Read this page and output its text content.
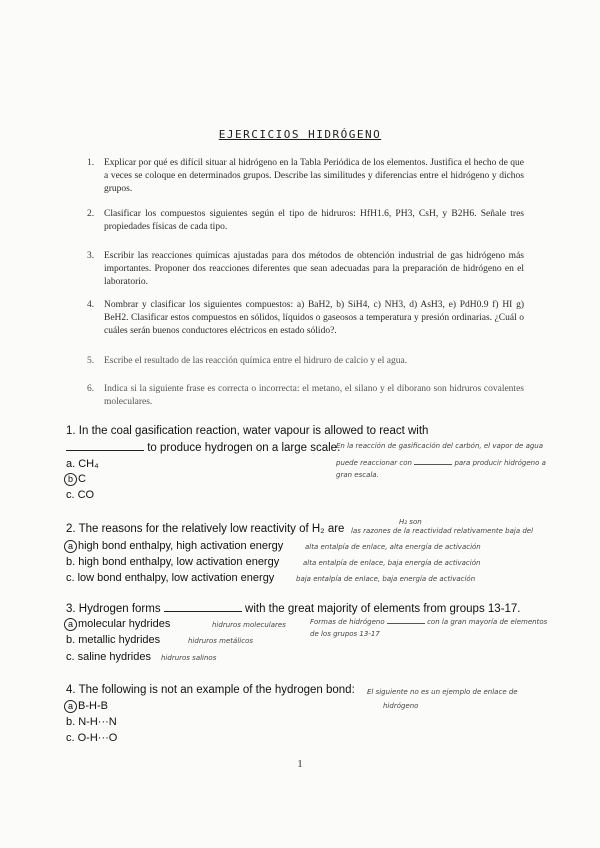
EJERCICIOS HIDRÓGENO
1. Explicar por qué es difícil situar al hidrógeno en la Tabla Periódica de los elementos. Justifica el hecho de que a veces se coloque en determinados grupos. Describe las similitudes y diferencias entre el hidrógeno y dichos grupos.
2. Clasificar los compuestos siguientes según el tipo de hidruros: HfH1.6, PH3, CsH, y B2H6. Señale tres propiedades físicas de cada tipo.
3. Escribir las reacciones químicas ajustadas para dos métodos de obtención industrial de gas hidrógeno más importantes. Proponer dos reacciones diferentes que sean adecuadas para la preparación de hidrógeno en el laboratorio.
4. Nombrar y clasificar los siguientes compuestos: a) BaH2, b) SiH4, c) NH3, d) AsH3, e) PdH0.9 f) HI g) BeH2. Clasificar estos compuestos en sólidos, líquidos o gaseosos a temperatura y presión ordinarias. ¿Cuál o cuáles serán buenos conductores eléctricos en estado sólido?.
5. Escribe el resultado de las reacción química entre el hidruro de calcio y el agua.
6. Indica si la siguiente frase es correcta o incorrecta: el metano, el silano y el diborano son hidruros covalentes moleculares.
1. In the coal gasification reaction, water vapour is allowed to react with
to produce hydrogen on a large scale.
En la reacción de gasificación del carbón, el vapor de agua
puede reaccionar con	para producir hidrógeno a
gran escala.
a. CH₄
b C
c. CO
2. The reasons for the relatively low reactivity of H₂ are
H₂ son
las razones de la reactividad relativamente baja del
a high bond enthalpy, high activation energy	alta entalpía de enlace, alta energía de activación
b. high bond enthalpy, low activation energy	alta entalpía de enlace, baja energía de activación
c. low bond enthalpy, low activation energy	baja entalpía de enlace, baja energía de activación
3. Hydrogen forms	with the great majority of elements from groups 13-17.
Formas de hidrógeno	con la gran mayoría de elementos
de los grupos 13-17
a molecular hydrides	hidruros moleculares
b. metallic hydrides	hidruros metálicos
c. saline hydrides hidruros salinos
4. The following is not an example of the hydrogen bond: El siguiente no es un ejemplo de enlace de
hidrógeno
a B-H-B
b. N-H···N
c. O-H···O
1
